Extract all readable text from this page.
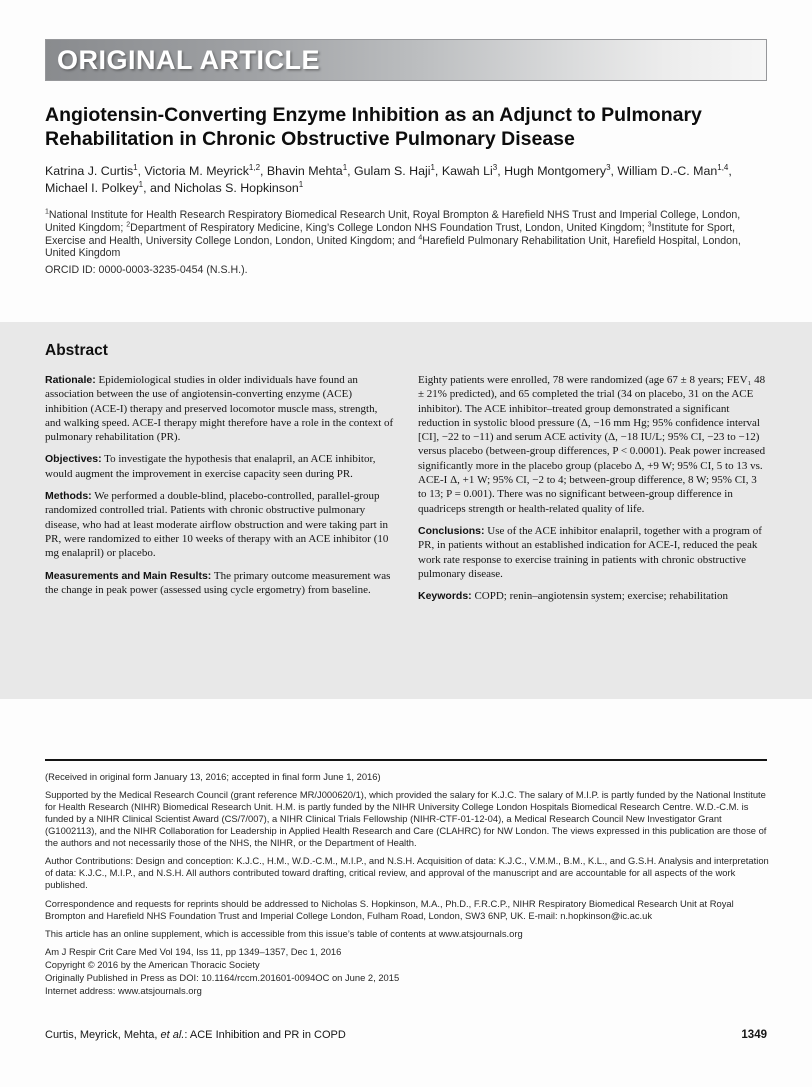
ORIGINAL ARTICLE
Angiotensin-Converting Enzyme Inhibition as an Adjunct to Pulmonary Rehabilitation in Chronic Obstructive Pulmonary Disease
Katrina J. Curtis$^1$, Victoria M. Meyrick$^{1,2}$, Bhavin Mehta$^1$, Gulam S. Haji$^1$, Kawah Li$^3$, Hugh Montgomery$^3$, William D.-C. Man$^{1,4}$, Michael I. Polkey$^1$, and Nicholas S. Hopkinson$^1$
$^1$National Institute for Health Research Respiratory Biomedical Research Unit, Royal Brompton & Harefield NHS Trust and Imperial College, London, United Kingdom; $^2$Department of Respiratory Medicine, King’s College London NHS Foundation Trust, London, United Kingdom; $^3$Institute for Sport, Exercise and Health, University College London, London, United Kingdom; and $^4$Harefield Pulmonary Rehabilitation Unit, Harefield Hospital, London, United Kingdom
ORCID ID: 0000-0003-3235-0454 (N.S.H.).
Abstract

Rationale: Epidemiological studies in older individuals have found an association between the use of angiotensin-converting enzyme (ACE) inhibition (ACE-I) therapy and preserved locomotor muscle mass, strength, and walking speed. ACE-I therapy might therefore have a role in the context of pulmonary rehabilitation (PR).

Objectives: To investigate the hypothesis that enalapril, an ACE inhibitor, would augment the improvement in exercise capacity seen during PR.

Methods: We performed a double-blind, placebo-controlled, parallel-group randomized controlled trial. Patients with chronic obstructive pulmonary disease, who had at least moderate airflow obstruction and were taking part in PR, were randomized to either 10 weeks of therapy with an ACE inhibitor (10 mg enalapril) or placebo.

Measurements and Main Results: The primary outcome measurement was the change in peak power (assessed using cycle ergometry) from baseline. Eighty patients were enrolled, 78 were randomized (age 67 ± 8 years; FEV₁ 48 ± 21% predicted), and 65 completed the trial (34 on placebo, 31 on the ACE inhibitor). The ACE inhibitor–treated group demonstrated a significant reduction in systolic blood pressure (Δ, −16 mm Hg; 95% confidence interval [CI], −22 to −11) and serum ACE activity (Δ, −18 IU/L; 95% CI, −23 to −12) versus placebo (between-group differences, P < 0.0001). Peak power increased significantly more in the placebo group (placebo Δ, +9 W; 95% CI, 5 to 13 vs. ACE-I Δ, +1 W; 95% CI, −2 to 4; between-group difference, 8 W; 95% CI, 3 to 13; P = 0.001). There was no significant between-group difference in quadriceps strength or health-related quality of life.

Conclusions: Use of the ACE inhibitor enalapril, together with a program of PR, in patients without an established indication for ACE-I, reduced the peak work rate response to exercise training in patients with chronic obstructive pulmonary disease.

Keywords: COPD; renin–angiotensin system; exercise; rehabilitation

(Received in original form January 13, 2016; accepted in final form June 1, 2016)

Supported by the Medical Research Council (grant reference MR/J000620/1), which provided the salary for K.J.C. The salary of M.I.P. is partly funded by the National Institute for Health Research (NIHR) Biomedical Research Unit. H.M. is partly funded by the NIHR University College London Hospitals Biomedical Research Centre. W.D.-C.M. is funded by a NIHR Clinical Scientist Award (CS/7/007), a NIHR Clinical Trials Fellowship (NIHR-CTF-01-12-04), a Medical Research Council New Investigator Grant (G1002113), and the NIHR Collaboration for Leadership in Applied Health Research and Care (CLAHRC) for NW London. The views expressed in this publication are those of the authors and not necessarily those of the NHS, the NIHR, or the Department of Health.

Author Contributions: Design and conception: K.J.C., H.M., W.D.-C.M., M.I.P., and N.S.H. Acquisition of data: K.J.C., V.M.M., B.M., K.L., and G.S.H. Analysis and interpretation of data: K.J.C., M.I.P., and N.S.H. All authors contributed toward drafting, critical review, and approval of the manuscript and are accountable for all aspects of the work published.

Correspondence and requests for reprints should be addressed to Nicholas S. Hopkinson, M.A., Ph.D., F.R.C.P., NIHR Respiratory Biomedical Research Unit at Royal Brompton and Harefield NHS Foundation Trust and Imperial College London, Fulham Road, London, SW3 6NP, UK. E-mail: n.hopkinson@ic.ac.uk

This article has an online supplement, which is accessible from this issue’s table of contents at www.atsjournals.org

Am J Respir Crit Care Med Vol 194, Iss 11, pp 1349–1357, Dec 1, 2016
Copyright © 2016 by the American Thoracic Society
Originally Published in Press as DOI: 10.1164/rccm.201601-0094OC on June 2, 2015
Internet address: www.atsjournals.org
Curtis, Meyrick, Mehta, et al.: ACE Inhibition and PR in COPD	1349
